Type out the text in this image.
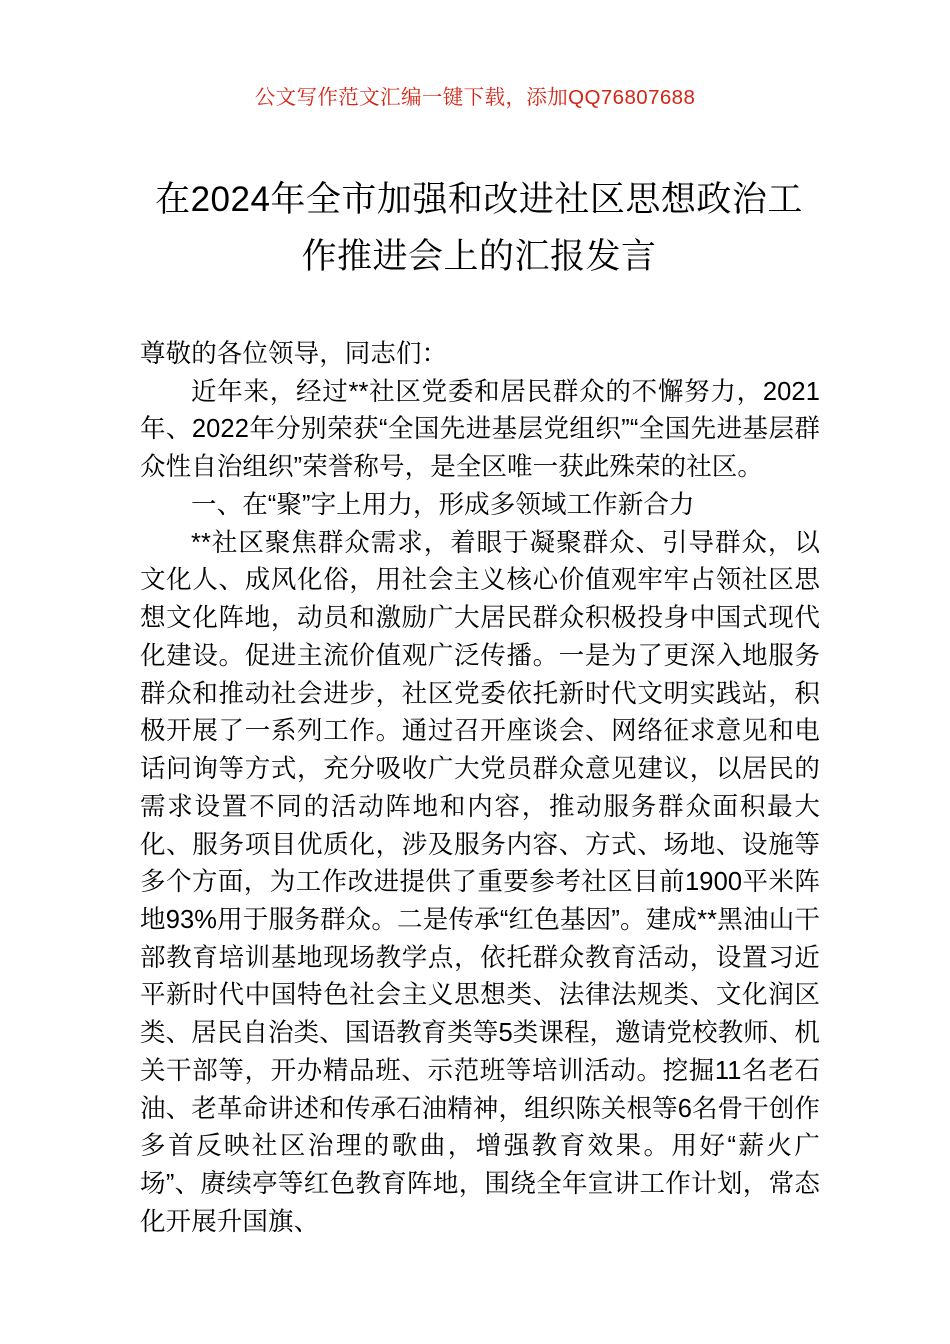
公文写作范文汇编一键下载，添加QQ76807688
在2024年全市加强和改进社区思想政治工作推进会上的汇报发言

尊敬的各位领导，同志们：

近年来，经过**社区党委和居民群众的不懈努力，2021年、2022年分别荣获“全国先进基层党组织”“全国先进基层群众性自治组织”荣誉称号，是全区唯一获此殊荣的社区。

一、在“聚”字上用力，形成多领域工作新合力

**社区聚焦群众需求，着眼于凝聚群众、引导群众，以文化人、成风化俗，用社会主义核心价值观牢牢占领社区思想文化阵地，动员和激励广大居民群众积极投身中国式现代化建设。促进主流价值观广泛传播。一是为了更深入地服务群众和推动社会进步，社区党委依托新时代文明实践站，积极开展了一系列工作。通过召开座谈会、网络征求意见和电话问询等方式，充分吸收广大党员群众意见建议，以居民的需求设置不同的活动阵地和内容，推动服务群众面积最大化、服务项目优质化，涉及服务内容、方式、场地、设施等多个方面，为工作改进提供了重要参考社区目前1900平米阵地93%用于服务群众。二是传承“红色基因”。建成**黑油山干部教育培训基地现场教学点，依托群众教育活动，设置习近平新时代中国特色社会主义思想类、法律法规类、文化润区类、居民自治类、国语教育类等5类课程，邀请党校教师、机关干部等，开办精品班、示范班等培训活动。挖掘11名老石油、老革命讲述和传承石油精神，组织陈关根等6名骨干创作多首反映社区治理的歌曲，增强教育效果。用好“薪火广场”、赓续亭等红色教育阵地，围绕全年宣讲工作计划，常态化开展升国旗、
